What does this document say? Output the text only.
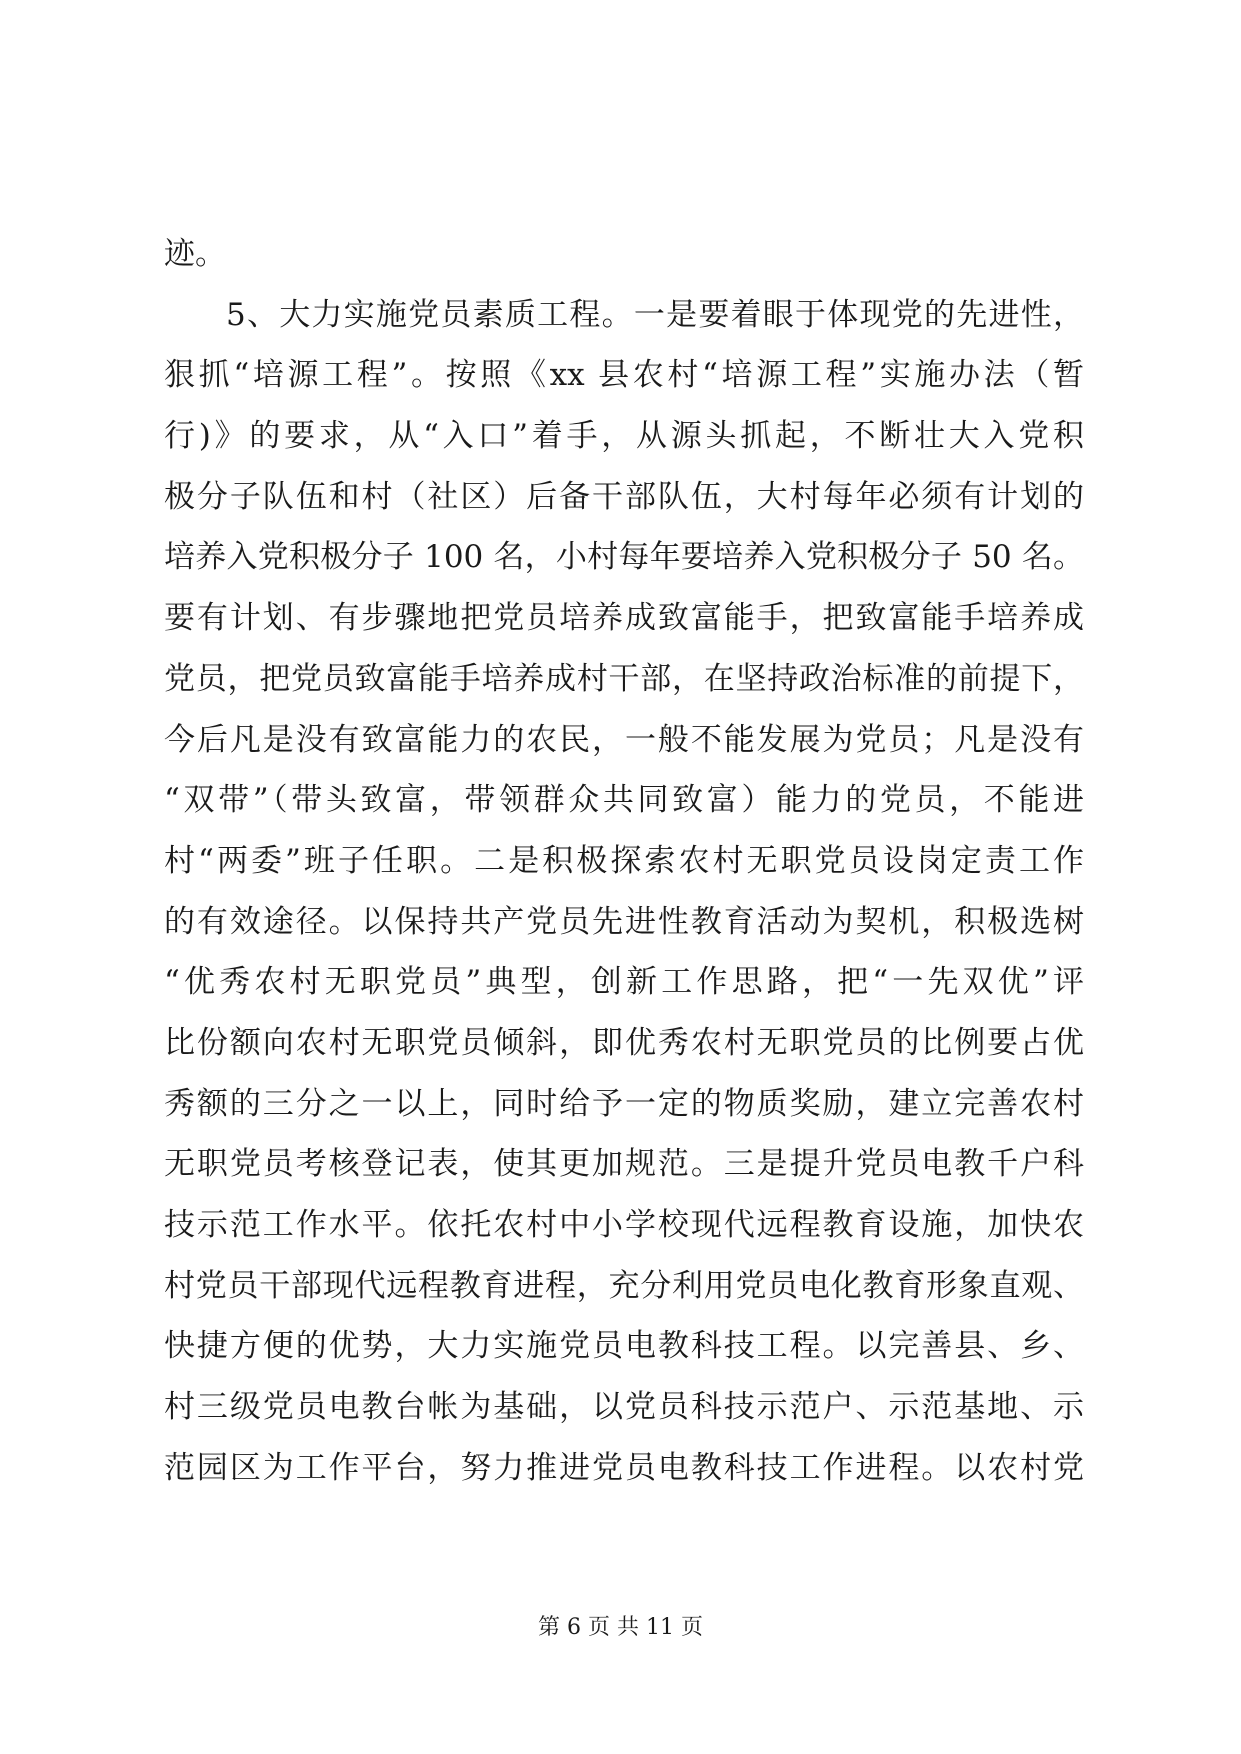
迹。
5、大力实施党员素质工程。一是要着眼于体现党的先进性，
狠抓“培源工程”。按照《xx 县农村“培源工程”实施办法（暂
行)》的要求，从“入口”着手，从源头抓起，不断壮大入党积
极分子队伍和村（社区）后备干部队伍，大村每年必须有计划的
培养入党积极分子 100 名，小村每年要培养入党积极分子 50 名。
要有计划、有步骤地把党员培养成致富能手，把致富能手培养成
党员，把党员致富能手培养成村干部，在坚持政治标准的前提下，
今后凡是没有致富能力的农民，一般不能发展为党员；凡是没有
“双带”（带头致富，带领群众共同致富）能力的党员，不能进
村“两委”班子任职。二是积极探索农村无职党员设岗定责工作
的有效途径。以保持共产党员先进性教育活动为契机，积极选树
“优秀农村无职党员”典型，创新工作思路，把“一先双优”评
比份额向农村无职党员倾斜，即优秀农村无职党员的比例要占优
秀额的三分之一以上，同时给予一定的物质奖励，建立完善农村
无职党员考核登记表，使其更加规范。三是提升党员电教千户科
技示范工作水平。依托农村中小学校现代远程教育设施，加快农
村党员干部现代远程教育进程，充分利用党员电化教育形象直观、
快捷方便的优势，大力实施党员电教科技工程。以完善县、乡、
村三级党员电教台帐为基础，以党员科技示范户、示范基地、示
范园区为工作平台，努力推进党员电教科技工作进程。以农村党
第 6 页 共 11 页
